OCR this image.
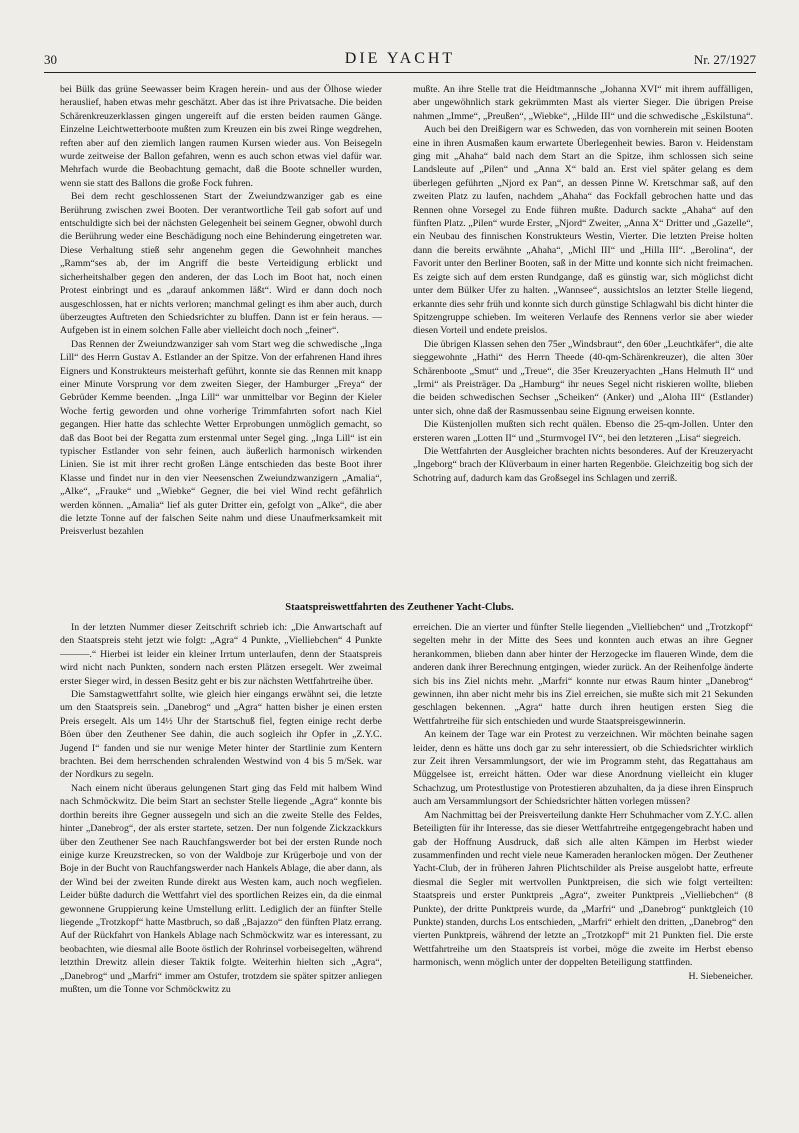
30	DIE YACHT	Nr. 27/1927

bei Bülk das grüne Seewasser beim Kragen herein- und aus der Ölhose wieder herauslief, haben etwas mehr geschätzt. Aber das ist ihre Privatsache. Die beiden Schärenkreuzerklassen gingen ungereift auf die ersten beiden raumen Gänge. Einzelne Leichtwetterboote mußten zum Kreuzen ein bis zwei Ringe wegdrehen, reften aber auf den ziemlich langen raumen Kursen wieder aus. Von Beisegeln wurde zeitweise der Ballon gefahren, wenn es auch schon etwas viel dafür war. Mehrfach wurde die Beobachtung gemacht, daß die Boote schneller wurden, wenn sie statt des Ballons die große Fock fuhren.

Bei dem recht geschlossenen Start der Zweiundzwanziger gab es eine Berührung zwischen zwei Booten. Der verantwortliche Teil gab sofort auf und entschuldigte sich bei der nächsten Gelegenheit bei seinem Gegner, obwohl durch die Berührung weder eine Beschädigung noch eine Behinderung eingetreten war. Diese Verhaltung stieß sehr angenehm gegen die Gewohnheit manches „Ramm“ses ab, der im Angriff die beste Verteidigung erblickt und sicherheitshalber gegen den anderen, der das Loch im Boot hat, noch einen Protest einbringt und es „darauf ankommen läßt“. Wird er dann doch noch ausgeschlossen, hat er nichts verloren; manchmal gelingt es ihm aber auch, durch überzeugtes Auftreten den Schiedsrichter zu bluffen. Dann ist er fein heraus. — Aufgeben ist in einem solchen Falle aber vielleicht doch noch „feiner“.

Das Rennen der Zweiundzwanziger sah vom Start weg die schwedische „Inga Lill“ des Herrn Gustav A. Estlander an der Spitze. Von der erfahrenen Hand ihres Eigners und Konstrukteurs meisterhaft geführt, konnte sie das Rennen mit knapp einer Minute Vorsprung vor dem zweiten Sieger, der Hamburger „Freya“ der Gebrüder Kemme beenden. „Inga Lill“ war unmittelbar vor Beginn der Kieler Woche fertig geworden und ohne vorherige Trimmfahrten sofort nach Kiel gegangen. Hier hatte das schlechte Wetter Erprobungen unmöglich gemacht, so daß das Boot bei der Regatta zum erstenmal unter Segel ging. „Inga Lill“ ist ein typischer Estlander von sehr feinen, auch äußerlich harmonisch wirkenden Linien. Sie ist mit ihrer recht großen Länge entschieden das beste Boot ihrer Klasse und findet nur in den vier Neesenschen Zweiundzwanzigern „Amalia“, „Alke“, „Frauke“ und „Wiebke“ Gegner, die bei viel Wind recht gefährlich werden können. „Amalia“ lief als guter Dritter ein, gefolgt von „Alke“, die aber die letzte Tonne auf der falschen Seite nahm und diese Unaufmerksamkeit mit Preisverlust bezahlen

mußte. An ihre Stelle trat die Heidtmannsche „Johanna XVI“ mit ihrem auffälligen, aber ungewöhnlich stark gekrümmten Mast als vierter Sieger. Die übrigen Preise nahmen „Imme“, „Preußen“, „Wiebke“, „Hilde III“ und die schwedische „Eskilstuna“.

Auch bei den Dreißigern war es Schweden, das von vornherein mit seinen Booten eine in ihren Ausmaßen kaum erwartete Überlegenheit bewies. Baron v. Heidenstam ging mit „Ahaha“ bald nach dem Start an die Spitze, ihm schlossen sich seine Landsleute auf „Pilen“ und „Anna X“ bald an. Erst viel später gelang es dem überlegen geführten „Njord ex Pan“, an dessen Pinne W. Kretschmar saß, auf den zweiten Platz zu laufen, nachdem „Ahaha“ das Fockfall gebrochen hatte und das Rennen ohne Vorsegel zu Ende führen mußte. Dadurch sackte „Ahaha“ auf den fünften Platz. „Pilen“ wurde Erster, „Njord“ Zweiter, „Anna X“ Dritter und „Gazelle“, ein Neubau des finnischen Konstrukteurs Westin, Vierter. Die letzten Preise holten dann die bereits erwähnte „Ahaha“, „Michl III“ und „Hilla III“. „Berolina“, der Favorit unter den Berliner Booten, saß in der Mitte und konnte sich nicht freimachen. Es zeigte sich auf dem ersten Rundgange, daß es günstig war, sich möglichst dicht unter dem Bülker Ufer zu halten. „Wannsee“, aussichtslos an letzter Stelle liegend, erkannte dies sehr früh und konnte sich durch günstige Schlagwahl bis dicht hinter die Spitzengruppe schieben. Im weiteren Verlaufe des Rennens verlor sie aber wieder diesen Vorteil und endete preislos.

Die übrigen Klassen sehen den 75er „Windsbraut“, den 60er „Leuchtkäfer“, die alte sieggewohnte „Hathi“ des Herrn Theede (40-qm-Schärenkreuzer), die alten 30er Schärenboote „Smut“ und „Treue“, die 35er Kreuzeryachten „Hans Helmuth II“ und „Irmi“ als Preisträger. Da „Hamburg“ ihr neues Segel nicht riskieren wollte, blieben die beiden schwedischen Sechser „Scheiken“ (Anker) und „Aloha III“ (Estlander) unter sich, ohne daß der Rasmussenbau seine Eignung erweisen konnte.

Die Küstenjollen mußten sich recht quälen. Ebenso die 25-qm-Jollen. Unter den ersteren waren „Lotten II“ und „Sturmvogel IV“, bei den letzteren „Lisa“ siegreich.

Die Wettfahrten der Ausgleicher brachten nichts besonderes. Auf der Kreuzeryacht „Ingeborg“ brach der Klüverbaum in einer harten Regenböe. Gleichzeitig bog sich der Schotring auf, dadurch kam das Großsegel ins Schlagen und zerriß.

Staatspreiswettfahrten des Zeuthener Yacht-Clubs.

In der letzten Nummer dieser Zeitschrift schrieb ich: „Die Anwartschaft auf den Staatspreis steht jetzt wie folgt: „Agra“ 4 Punkte, „Vielliebchen“ 4 Punkte ———.“ Hierbei ist leider ein kleiner Irrtum unterlaufen, denn der Staatspreis wird nicht nach Punkten, sondern nach ersten Plätzen ersegelt. Wer zweimal erster Sieger wird, in dessen Besitz geht er bis zur nächsten Wettfahrtreihe über.

Die Samstagwettfahrt sollte, wie gleich hier eingangs erwähnt sei, die letzte um den Staatspreis sein. „Danebrog“ und „Agra“ hatten bisher je einen ersten Preis ersegelt. Als um 14½ Uhr der Startschuß fiel, fegten einige recht derbe Böen über den Zeuthener See dahin, die auch sogleich ihr Opfer in „Z.Y.C. Jugend I“ fanden und sie nur wenige Meter hinter der Startlinie zum Kentern brachten. Bei dem herrschenden schralenden Westwind von 4 bis 5 m/Sek. war der Nordkurs zu segeln.

Nach einem nicht überaus gelungenen Start ging das Feld mit halbem Wind nach Schmöckwitz. Die beim Start an sechster Stelle liegende „Agra“ konnte bis dorthin bereits ihre Gegner aussegeln und sich an die zweite Stelle des Feldes, hinter „Danebrog“, der als erster startete, setzen. Der nun folgende Zickzackkurs über den Zeuthener See nach Rauchfangswerder bot bei der ersten Runde noch einige kurze Kreuzstrecken, so von der Waldboje zur Krügerboje und von der Boje in der Bucht von Rauchfangswerder nach Hankels Ablage, die aber dann, als der Wind bei der zweiten Runde direkt aus Westen kam, auch noch wegfielen. Leider büßte dadurch die Wettfahrt viel des sportlichen Reizes ein, da die einmal gewonnene Gruppierung keine Umstellung erlitt. Lediglich der an fünfter Stelle liegende „Trotzkopf“ hatte Mastbruch, so daß „Bajazzo“ den fünften Platz errang. Auf der Rückfahrt von Hankels Ablage nach Schmöckwitz war es interessant, zu beobachten, wie diesmal alle Boote östlich der Rohrinsel vorbeisegelten, während letzthin Drewitz allein dieser Taktik folgte. Weiterhin hielten sich „Agra“, „Danebrog“ und „Marfri“ immer am Ostufer, trotzdem sie später spitzer anliegen mußten, um die Tonne vor Schmöckwitz zu

erreichen. Die an vierter und fünfter Stelle liegenden „Vielliebchen“ und „Trotzkopf“ segelten mehr in der Mitte des Sees und konnten auch etwas an ihre Gegner herankommen, blieben dann aber hinter der Herzogecke im flaueren Winde, dem die anderen dank ihrer Berechnung entgingen, wieder zurück. An der Reihenfolge änderte sich bis ins Ziel nichts mehr. „Marfri“ konnte nur etwas Raum hinter „Danebrog“ gewinnen, ihn aber nicht mehr bis ins Ziel erreichen, sie mußte sich mit 21 Sekunden geschlagen bekennen. „Agra“ hatte durch ihren heutigen ersten Sieg die Wettfahrtreihe für sich entschieden und wurde Staatspreisgewinnerin.

An keinem der Tage war ein Protest zu verzeichnen. Wir möchten beinahe sagen leider, denn es hätte uns doch gar zu sehr interessiert, ob die Schiedsrichter wirklich zur Zeit ihren Versammlungsort, der wie im Programm steht, das Regattahaus am Müggelsee ist, erreicht hätten. Oder war diese Anordnung vielleicht ein kluger Schachzug, um Protestlustige von Protestieren abzuhalten, da ja diese ihren Einspruch auch am Versammlungsort der Schiedsrichter hätten vorlegen müssen?

Am Nachmittag bei der Preisverteilung dankte Herr Schuhmacher vom Z.Y.C. allen Beteiligten für ihr Interesse, das sie dieser Wettfahrtreihe entgegengebracht haben und gab der Hoffnung Ausdruck, daß sich alle alten Kämpen im Herbst wieder zusammenfinden und recht viele neue Kameraden heranlocken mögen. Der Zeuthener Yacht-Club, der in früheren Jahren Plichtschilder als Preise ausgelobt hatte, erfreute diesmal die Segler mit wertvollen Punktpreisen, die sich wie folgt verteilten: Staatspreis und erster Punktpreis „Agra“, zweiter Punktpreis „Vielliebchen“ (8 Punkte), der dritte Punktpreis wurde, da „Marfri“ und „Danebrog“ punktgleich (10 Punkte) standen, durchs Los entschieden, „Marfri“ erhielt den dritten, „Danebrog“ den vierten Punktpreis, während der letzte an „Trotzkopf“ mit 21 Punkten fiel. Die erste Wettfahrtreihe um den Staatspreis ist vorbei, möge die zweite im Herbst ebenso harmonisch, wenn möglich unter der doppelten Beteiligung stattfinden.

H. Siebeneicher.
